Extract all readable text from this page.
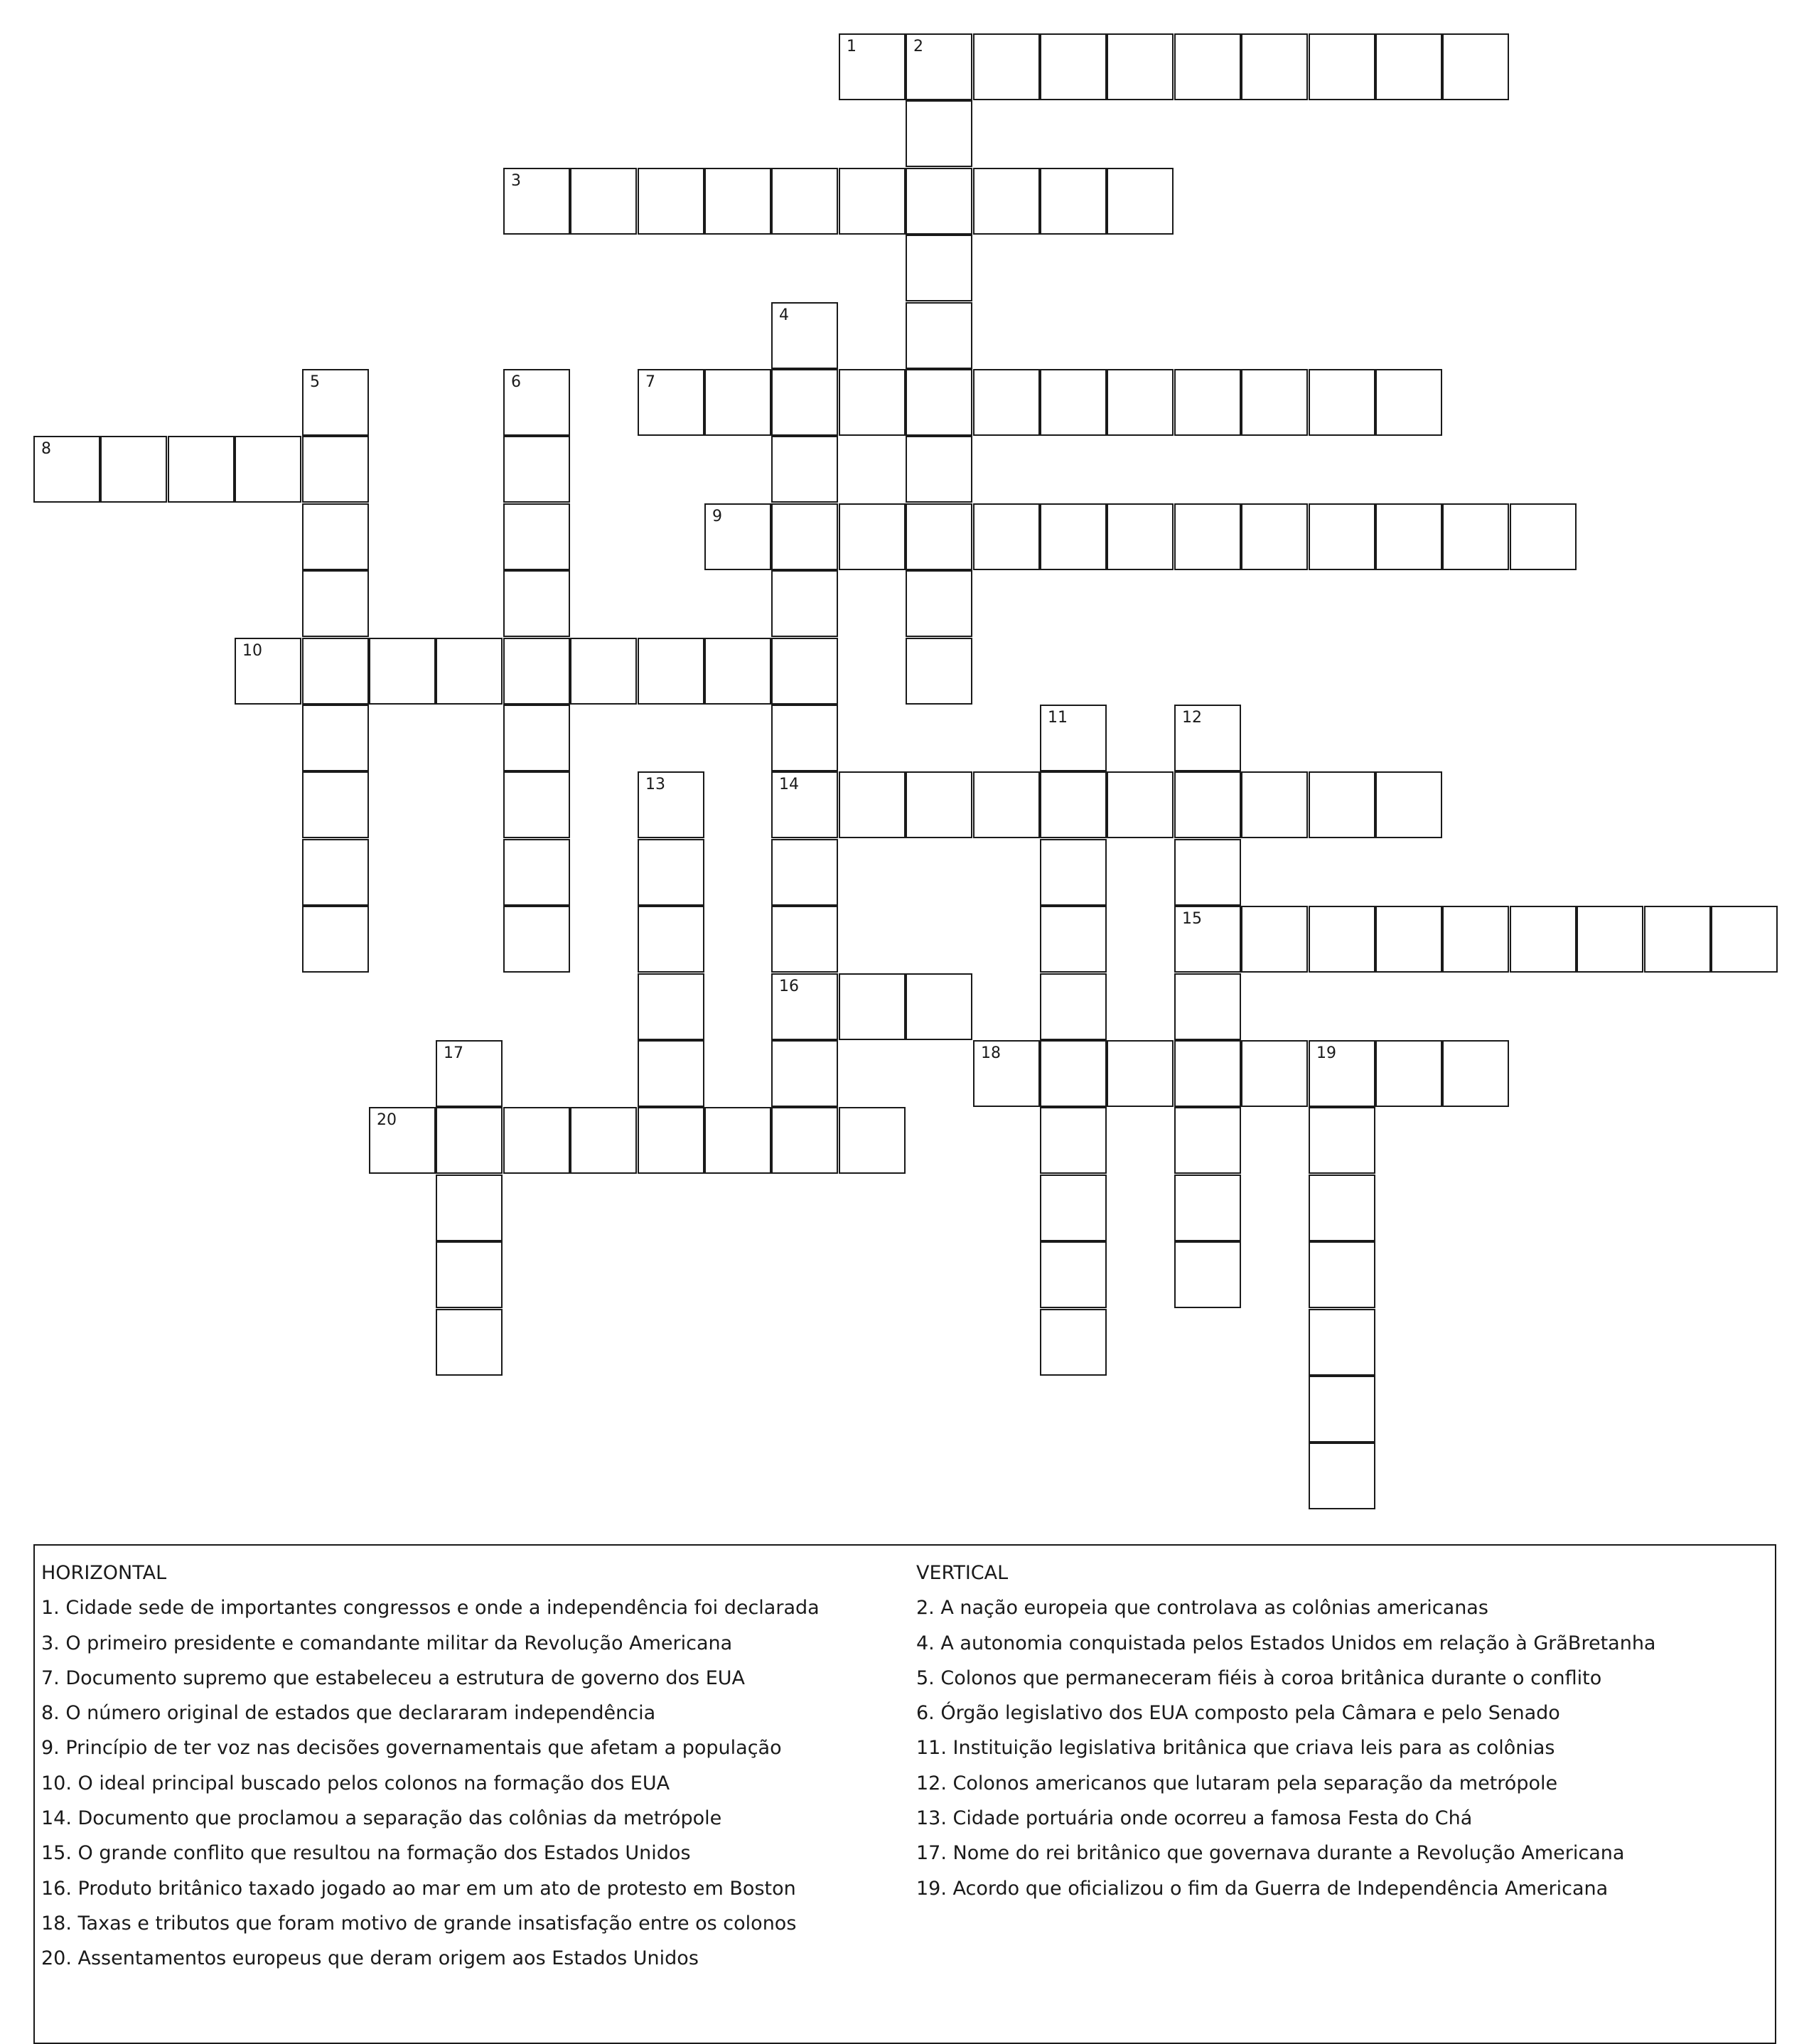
1	2
3
4
14
16
5	6	7
8
9
10
11	12
15
13
17	18	19
20
HORIZONTAL
1. Cidade sede de importantes congressos e onde a independência foi declarada
3. O primeiro presidente e comandante militar da Revolução Americana
7. Documento supremo que estabeleceu a estrutura de governo dos EUA
8. O número original de estados que declararam independência
9. Princípio de ter voz nas decisões governamentais que afetam a população
10. O ideal principal buscado pelos colonos na formação dos EUA
14. Documento que proclamou a separação das colônias da metrópole
15. O grande conflito que resultou na formação dos Estados Unidos
16. Produto britânico taxado jogado ao mar em um ato de protesto em Boston
18. Taxas e tributos que foram motivo de grande insatisfação entre os colonos
20. Assentamentos europeus que deram origem aos Estados Unidos
VERTICAL
2. A nação europeia que controlava as colônias americanas
4. A autonomia conquistada pelos Estados Unidos em relação à GrãBretanha
5. Colonos que permaneceram fiéis à coroa britânica durante o conflito
6. Órgão legislativo dos EUA composto pela Câmara e pelo Senado
11. Instituição legislativa britânica que criava leis para as colônias
12. Colonos americanos que lutaram pela separação da metrópole
13. Cidade portuária onde ocorreu a famosa Festa do Chá
17. Nome do rei britânico que governava durante a Revolução Americana
19. Acordo que oficializou o fim da Guerra de Independência Americana
